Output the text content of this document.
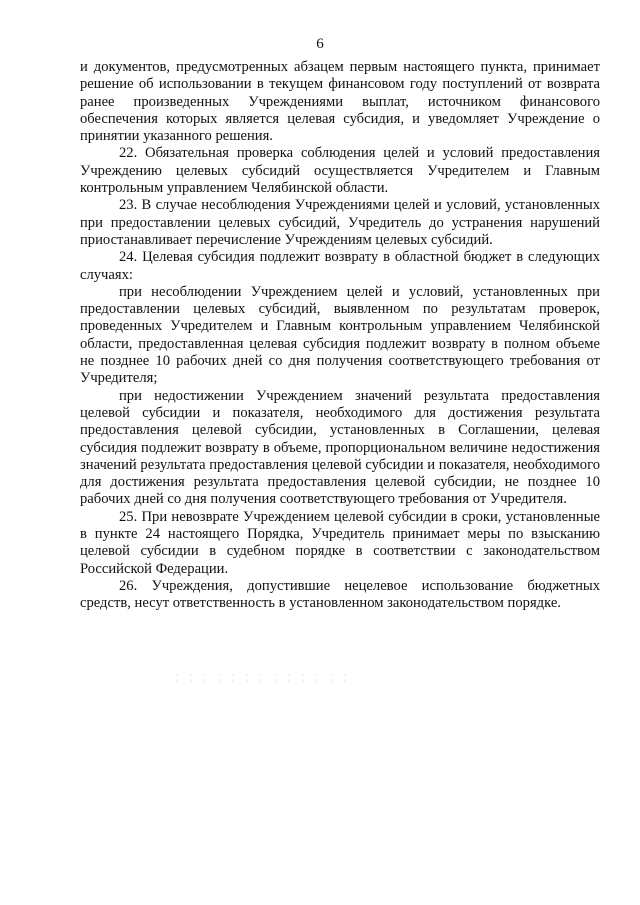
6

и документов, предусмотренных абзацем первым настоящего пункта, принимает решение об использовании в текущем финансовом году поступлений от возврата ранее произведенных Учреждениями выплат, источником финансового обеспечения которых является целевая субсидия, и уведомляет Учреждение о принятии указанного решения.

22. Обязательная проверка соблюдения целей и условий предоставления Учреждению целевых субсидий осуществляется Учредителем и Главным контрольным управлением Челябинской области.

23. В случае несоблюдения Учреждениями целей и условий, установленных при предоставлении целевых субсидий, Учредитель до устранения нарушений приостанавливает перечисление Учреждениям целевых субсидий.

24. Целевая субсидия подлежит возврату в областной бюджет в следующих случаях:

при несоблюдении Учреждением целей и условий, установленных при предоставлении целевых субсидий, выявленном по результатам проверок, проведенных Учредителем и Главным контрольным управлением Челябинской области, предоставленная целевая субсидия подлежит возврату в полном объеме не позднее 10 рабочих дней со дня получения соответствующего требования от Учредителя;

при недостижении Учреждением значений результата предоставления целевой субсидии и показателя, необходимого для достижения результата предоставления целевой субсидии, установленных в Соглашении, целевая субсидия подлежит возврату в объеме, пропорциональном величине недостижения значений результата предоставления целевой субсидии и показателя, необходимого для достижения результата предоставления целевой субсидии, не позднее 10 рабочих дней со дня получения соответствующего требования от Учредителя.

25. При невозврате Учреждением целевой субсидии в сроки, установленные в пункте 24 настоящего Порядка, Учредитель принимает меры по взысканию целевой субсидии в судебном порядке в соответствии с законодательством Российской Федерации.

26. Учреждения, допустившие нецелевое использование бюджетных средств, несут ответственность в установленном законодательством порядке.
